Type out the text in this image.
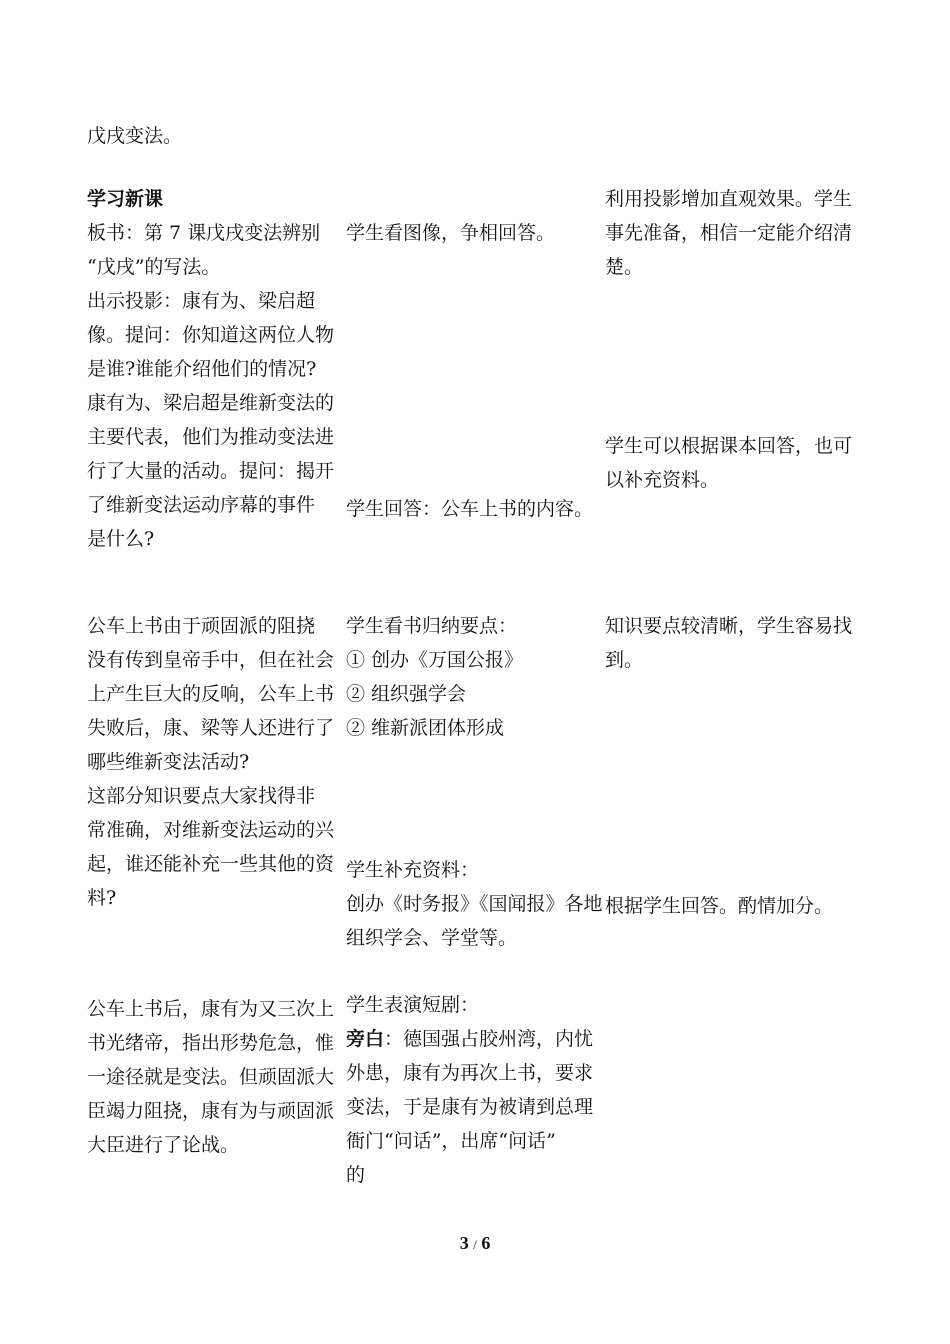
戊戌变法。
学习新课
板书：第 7 课戊戌变法辨别
“戊戌”的写法。
出示投影：康有为、梁启超
像。提问：你知道这两位人物
是谁?谁能介绍他们的情况?
康有为、梁启超是维新变法的
主要代表，他们为推动变法进
行了大量的活动。提问：揭开
了维新变法运动序幕的事件
是什么?
公车上书由于顽固派的阻挠
没有传到皇帝手中，但在社会
上产生巨大的反响，公车上书
失败后，康、梁等人还进行了
哪些维新变法活动?
这部分知识要点大家找得非
常准确，对维新变法运动的兴
起，谁还能补充一些其他的资
料?
公车上书后，康有为又三次上
书光绪帝，指出形势危急，惟
一途径就是变法。但顽固派大
臣竭力阻挠，康有为与顽固派
大臣进行了论战。
学生看图像，争相回答。
学生回答：公车上书的内容。
学生看书归纳要点：
① 创办《万国公报》
② 组织强学会
② 维新派团体形成
学生补充资料：
创办《时务报》《国闻报》各地
组织学会、学堂等。
学生表演短剧：
旁白：德国强占胶州湾，内忧
外患，康有为再次上书，要求
变法，于是康有为被请到总理
衙门“问话”，出席“问话”
的
利用投影增加直观效果。学生
事先准备，相信一定能介绍清
楚。
学生可以根据课本回答，也可
以补充资料。
知识要点较清晰，学生容易找
到。
根据学生回答。酌情加分。
3 / 6
